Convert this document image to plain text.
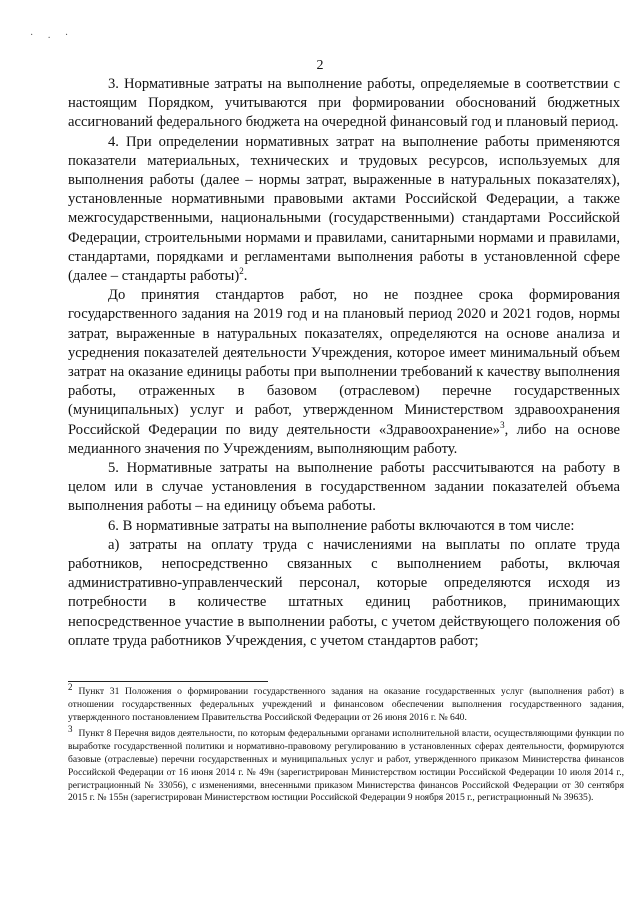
· . ·
2

3. Нормативные затраты на выполнение работы, определяемые в соответствии с настоящим Порядком, учитываются при формировании обоснований бюджетных ассигнований федерального бюджета на очередной финансовый год и плановый период.

4. При определении нормативных затрат на выполнение работы применяются показатели материальных, технических и трудовых ресурсов, используемых для выполнения работы (далее – нормы затрат, выраженные в натуральных показателях), установленные нормативными правовыми актами Российской Федерации, а также межгосударственными, национальными (государственными) стандартами Российской Федерации, строительными нормами и правилами, санитарными нормами и правилами, стандартами, порядками и регламентами выполнения работы в установленной сфере (далее – стандарты работы)$^2$.

До принятия стандартов работ, но не позднее срока формирования государственного задания на 2019 год и на плановый период 2020 и 2021 годов, нормы затрат, выраженные в натуральных показателях, определяются на основе анализа и усреднения показателей деятельности Учреждения, которое имеет минимальный объем затрат на оказание единицы работы при выполнении требований к качеству выполнения работы, отраженных в базовом (отраслевом) перечне государственных (муниципальных) услуг и работ, утвержденном Министерством здравоохранения Российской Федерации по виду деятельности «Здравоохранение»$^3$, либо на основе медианного значения по Учреждениям, выполняющим работу.

5. Нормативные затраты на выполнение работы рассчитываются на работу в целом или в случае установления в государственном задании показателей объема выполнения работы – на единицу объема работы.

6. В нормативные затраты на выполнение работы включаются в том числе:

а) затраты на оплату труда с начислениями на выплаты по оплате труда работников, непосредственно связанных с выполнением работы, включая административно-управленческий персонал, которые определяются исходя из потребности в количестве штатных единиц работников, принимающих непосредственное участие в выполнении работы, с учетом действующего положения об оплате труда работников Учреждения, с учетом стандартов работ;

2 Пункт 31 Положения о формировании государственного задания на оказание государственных услуг (выполнения работ) в отношении государственных федеральных учреждений и финансовом обеспечении выполнения государственного задания, утвержденного постановлением Правительства Российской Федерации от 26 июня 2016 г. № 640.

3 Пункт 8 Перечня видов деятельности, по которым федеральными органами исполнительной власти, осуществляющими функции по выработке государственной политики и нормативно-правовому регулированию в установленных сферах деятельности, формируются базовые (отраслевые) перечни государственных и муниципальных услуг и работ, утвержденного приказом Министерства финансов Российской Федерации от 16 июня 2014 г. № 49н (зарегистрирован Министерством юстиции Российской Федерации 10 июля 2014 г., регистрационный № 33056), с изменениями, внесенными приказом Министерства финансов Российской Федерации от 30 сентября 2015 г. № 155н (зарегистрирован Министерством юстиции Российской Федерации 9 ноября 2015 г., регистрационный № 39635).
